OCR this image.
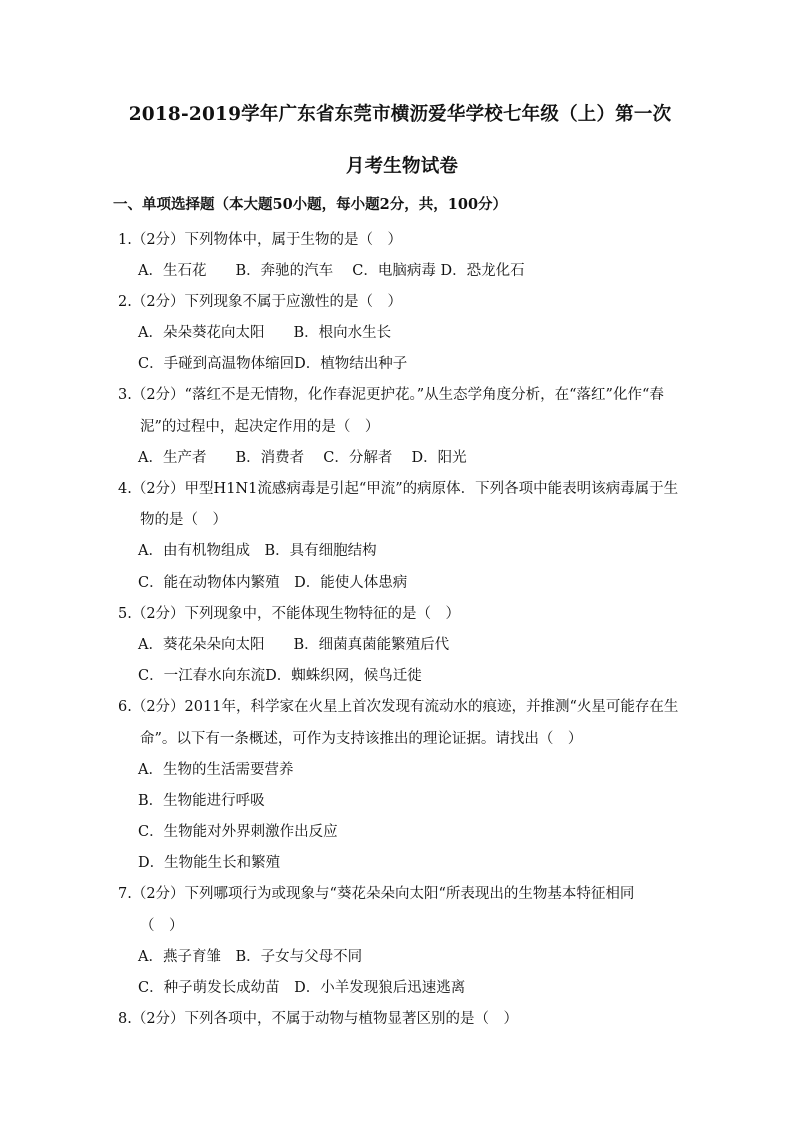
2018-2019学年广东省东莞市横沥爱华学校七年级（上）第一次
月考生物试卷
一、单项选择题（本大题50小题，每小题2分，共，100分）
1.（2分）下列物体中，属于生物的是（　）
A．生石花　　B．奔驰的汽车　 C．电脑病毒 D．恐龙化石
2.（2分）下列现象不属于应激性的是（　）
A．朵朵葵花向太阳　　B．根向水生长
C．手碰到高温物体缩回D．植物结出种子
3.（2分）“落红不是无情物，化作春泥更护花。”从生态学角度分析，在“落红”化作“春
泥”的过程中，起决定作用的是（　）
A．生产者　　B．消费者　 C．分解者　 D．阳光
4.（2分）甲型H1N1流感病毒是引起“甲流”的病原体．下列各项中能表明该病毒属于生
物的是（　）
A．由有机物组成　B．具有细胞结构
C．能在动物体内繁殖　D．能使人体患病
5.（2分）下列现象中，不能体现生物特征的是（　）
A．葵花朵朵向太阳　　B．细菌真菌能繁殖后代
C．一江春水向东流D．蜘蛛织网，候鸟迁徙
6.（2分）2011年，科学家在火星上首次发现有流动水的痕迹，并推测“火星可能存在生
命”。以下有一条概述，可作为支持该推出的理论证据。请找出（　）
A．生物的生活需要营养
B．生物能进行呼吸
C．生物能对外界刺激作出反应
D．生物能生长和繁殖
7.（2分）下列哪项行为或现象与“葵花朵朵向太阳“所表现出的生物基本特征相同
（　）
A．燕子育雏　B．子女与父母不同
C．种子萌发长成幼苗　D．小羊发现狼后迅速逃离
8.（2分）下列各项中，不属于动物与植物显著区别的是（　）
